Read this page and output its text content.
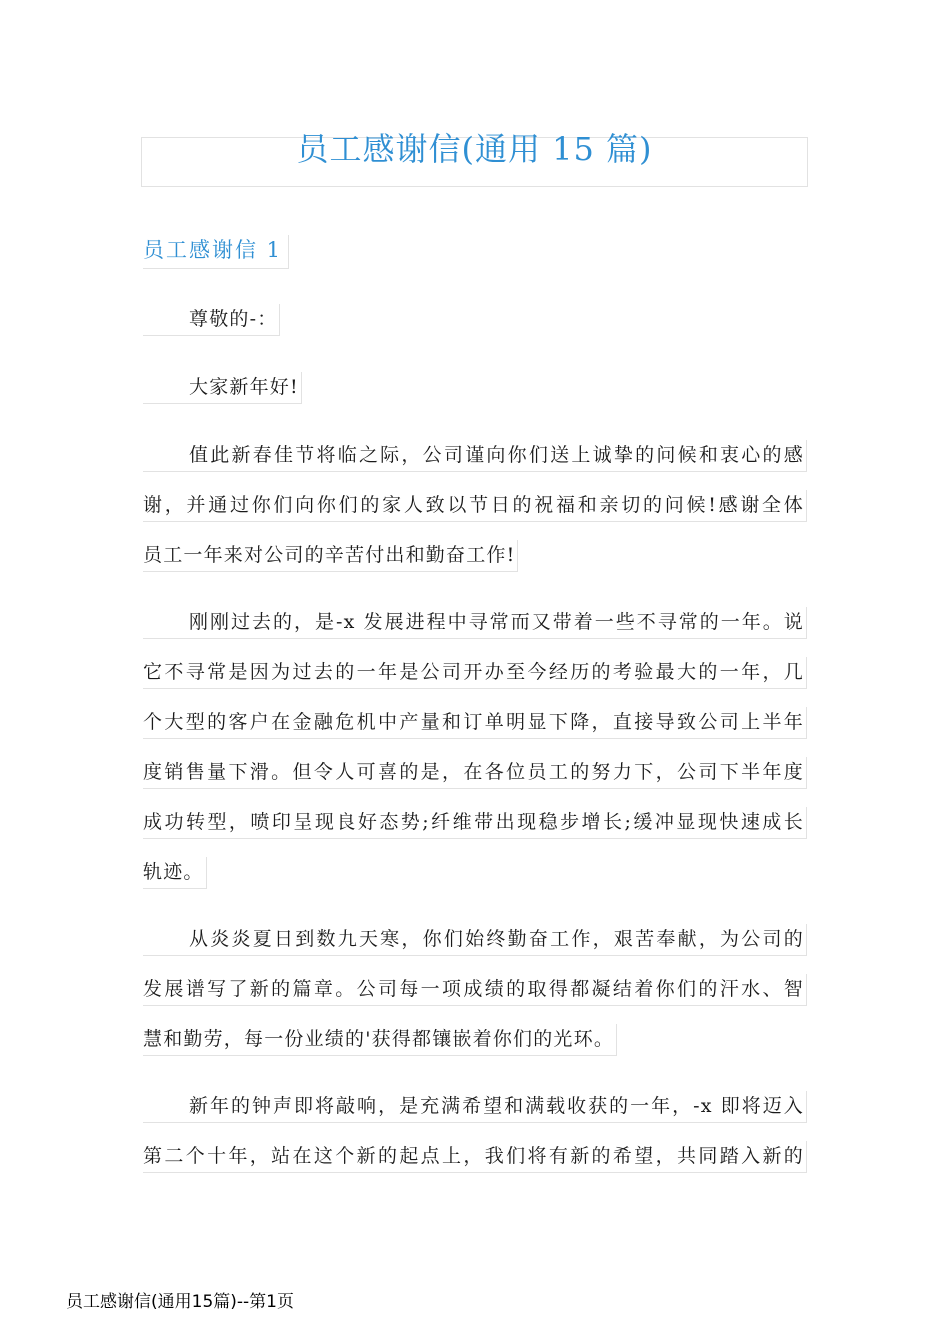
员工感谢信(通用 15 篇)
员工感谢信 1
尊敬的-：
大家新年好!
值此新春佳节将临之际，公司谨向你们送上诚挚的问候和衷心的感
谢，并通过你们向你们的家人致以节日的祝福和亲切的问候!感谢全体
员工一年来对公司的辛苦付出和勤奋工作!
刚刚过去的，是-x 发展进程中寻常而又带着一些不寻常的一年。说
它不寻常是因为过去的一年是公司开办至今经历的考验最大的一年，几
个大型的客户在金融危机中产量和订单明显下降，直接导致公司上半年
度销售量下滑。但令人可喜的是，在各位员工的努力下，公司下半年度
成功转型，喷印呈现良好态势;纤维带出现稳步增长;缓冲显现快速成长
轨迹。
从炎炎夏日到数九天寒，你们始终勤奋工作，艰苦奉献，为公司的
发展谱写了新的篇章。公司每一项成绩的取得都凝结着你们的汗水、智
慧和勤劳，每一份业绩的'获得都镶嵌着你们的光环。
新年的钟声即将敲响，是充满希望和满载收获的一年，-x 即将迈入
第二个十年，站在这个新的起点上，我们将有新的希望，共同踏入新的
员工感谢信(通用15篇)--第1页
